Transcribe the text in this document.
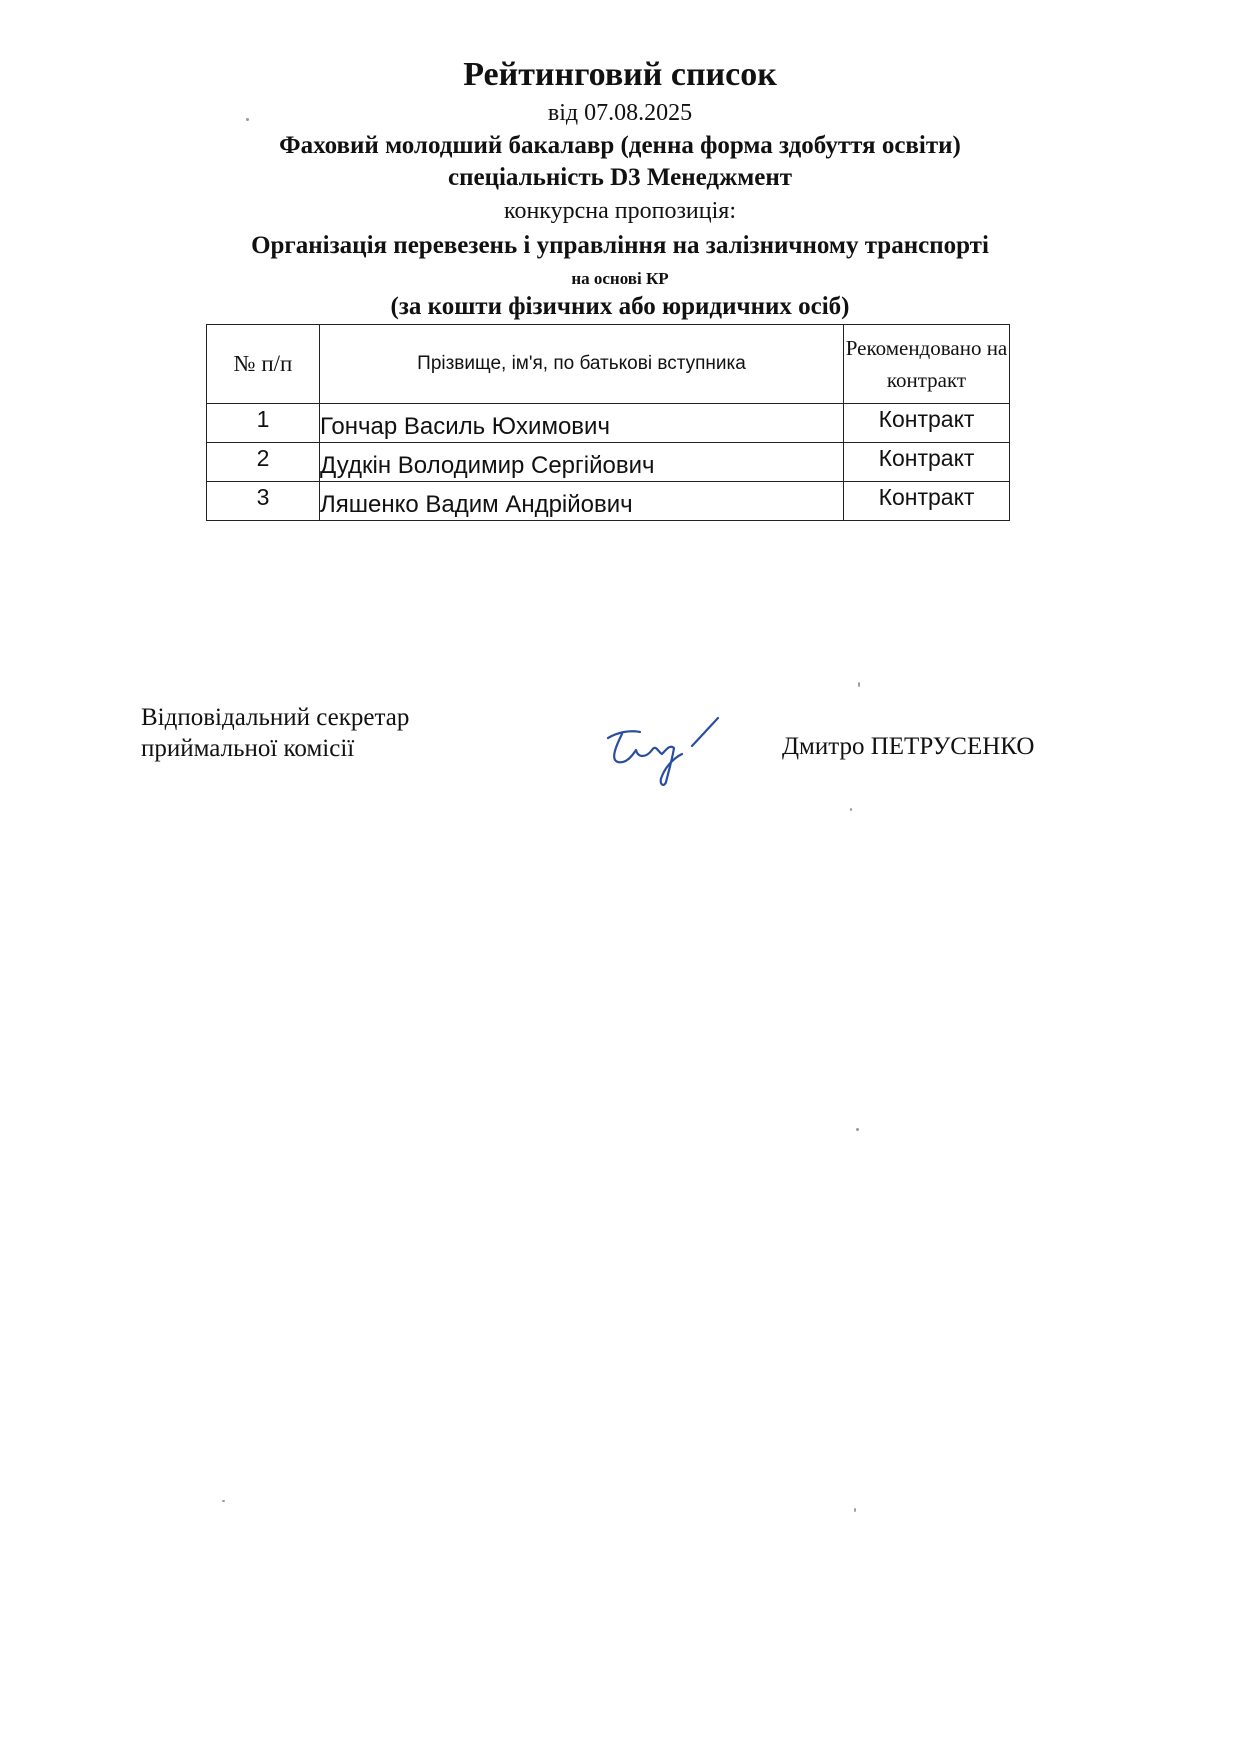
Рейтинговий список
від 07.08.2025
Фаховий молодший бакалавр (денна форма здобуття освіти)
спеціальність D3 Менеджмент
конкурсна пропозиція:
Організація перевезень і управління на залізничному транспорті
на основі КР
(за кошти фізичних або юридичних осіб)
№ п/п	Прізвище, ім'я, по батькові вступника	Рекомендовано на контракт
1	Гончар Василь Юхимович	Контракт
2	Дудкін Володимир Сергійович	Контракт
3	Ляшенко Вадим Андрійович	Контракт
Відповідальний секретар
приймальної комісії	Дмитро ПЕТРУСЕНКО
